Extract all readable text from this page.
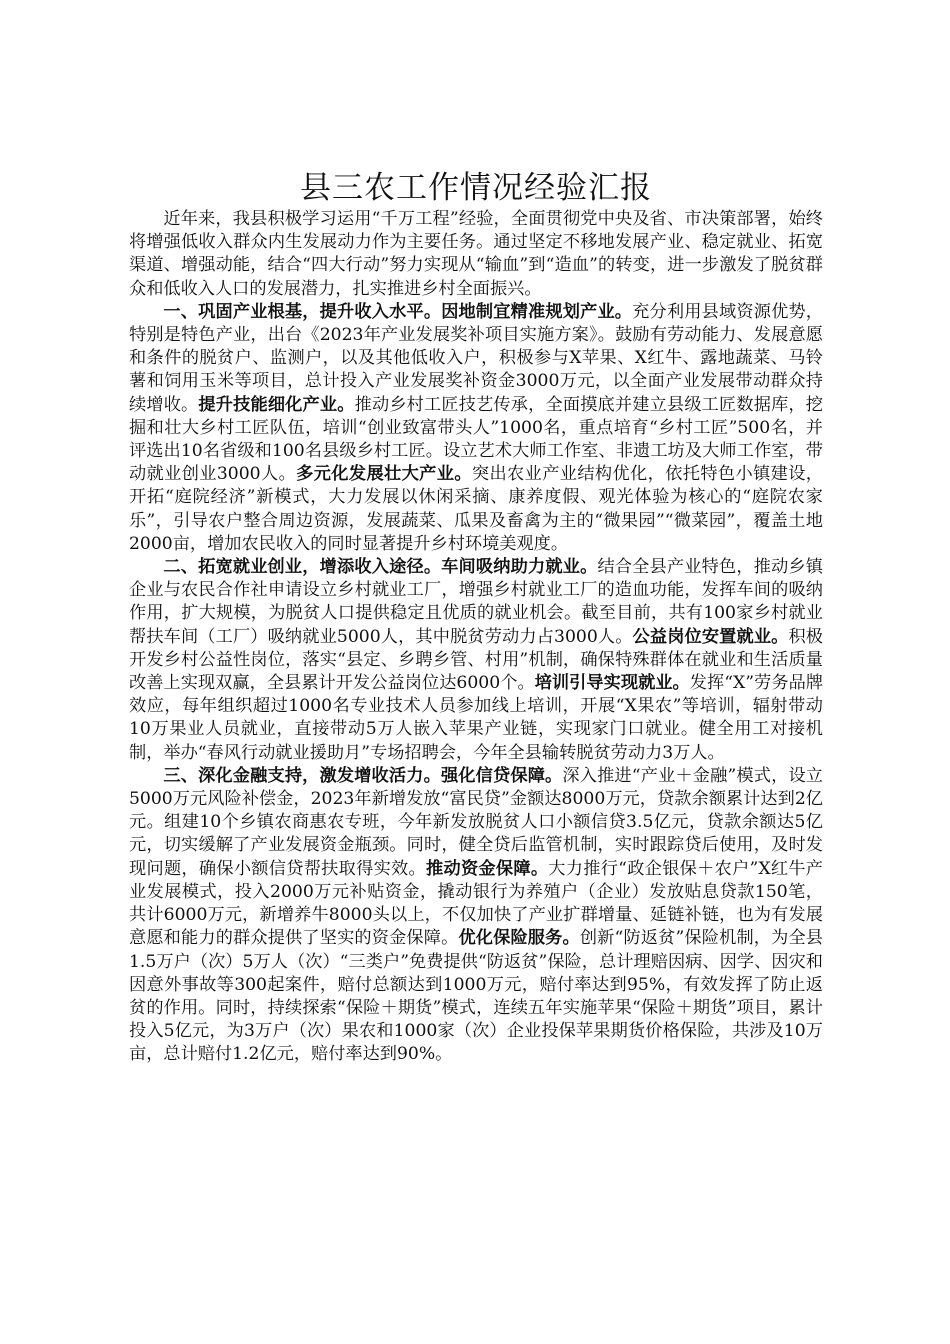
县三农工作情况经验汇报

近年来，我县积极学习运用“千万工程”经验，全面贯彻党中央及省、市决策部署，始终将增强低收入群众内生发展动力作为主要任务。通过坚定不移地发展产业、稳定就业、拓宽渠道、增强动能，结合“四大行动”努力实现从“输血”到“造血”的转变，进一步激发了脱贫群众和低收入人口的发展潜力，扎实推进乡村全面振兴。

一、巩固产业根基，提升收入水平。因地制宜精准规划产业。充分利用县域资源优势，特别是特色产业，出台《2023年产业发展奖补项目实施方案》。鼓励有劳动能力、发展意愿和条件的脱贫户、监测户，以及其他低收入户，积极参与X苹果、X红牛、露地蔬菜、马铃薯和饲用玉米等项目，总计投入产业发展奖补资金3000万元，以全面产业发展带动群众持续增收。提升技能细化产业。推动乡村工匠技艺传承，全面摸底并建立县级工匠数据库，挖掘和壮大乡村工匠队伍，培训“创业致富带头人”1000名，重点培育“乡村工匠”500名，并评选出10名省级和100名县级乡村工匠。设立艺术大师工作室、非遗工坊及大师工作室，带动就业创业3000人。多元化发展壮大产业。突出农业产业结构优化，依托特色小镇建设，开拓“庭院经济”新模式，大力发展以休闲采摘、康养度假、观光体验为核心的“庭院农家乐”，引导农户整合周边资源，发展蔬菜、瓜果及畜禽为主的“微果园”“微菜园”，覆盖土地2000亩，增加农民收入的同时显著提升乡村环境美观度。

二、拓宽就业创业，增添收入途径。车间吸纳助力就业。结合全县产业特色，推动乡镇企业与农民合作社申请设立乡村就业工厂，增强乡村就业工厂的造血功能，发挥车间的吸纳作用，扩大规模，为脱贫人口提供稳定且优质的就业机会。截至目前，共有100家乡村就业帮扶车间（工厂）吸纳就业5000人，其中脱贫劳动力占3000人。公益岗位安置就业。积极开发乡村公益性岗位，落实“县定、乡聘乡管、村用”机制，确保特殊群体在就业和生活质量改善上实现双赢，全县累计开发公益岗位达6000个。培训引导实现就业。发挥“X”劳务品牌效应，每年组织超过1000名专业技术人员参加线上培训，开展“X果农”等培训，辐射带动10万果业人员就业，直接带动5万人嵌入苹果产业链，实现家门口就业。健全用工对接机制，举办“春风行动就业援助月”专场招聘会，今年全县输转脱贫劳动力3万人。

三、深化金融支持，激发增收活力。强化信贷保障。深入推进“产业＋金融”模式，设立5000万元风险补偿金，2023年新增发放“富民贷”金额达8000万元，贷款余额累计达到2亿元。组建10个乡镇农商惠农专班，今年新发放脱贫人口小额信贷3.5亿元，贷款余额达5亿元，切实缓解了产业发展资金瓶颈。同时，健全贷后监管机制，实时跟踪贷后使用，及时发现问题，确保小额信贷帮扶取得实效。推动资金保障。大力推行“政企银保＋农户”X红牛产业发展模式，投入2000万元补贴资金，撬动银行为养殖户（企业）发放贴息贷款150笔，共计6000万元，新增养牛8000头以上，不仅加快了产业扩群增量、延链补链，也为有发展意愿和能力的群众提供了坚实的资金保障。优化保险服务。创新“防返贫”保险机制，为全县1.5万户（次）5万人（次）“三类户”免费提供“防返贫”保险，总计理赔因病、因学、因灾和因意外事故等300起案件，赔付总额达到1000万元，赔付率达到95%，有效发挥了防止返贫的作用。同时，持续探索“保险＋期货”模式，连续五年实施苹果“保险＋期货”项目，累计投入5亿元，为3万户（次）果农和1000家（次）企业投保苹果期货价格保险，共涉及10万亩，总计赔付1.2亿元，赔付率达到90%。
